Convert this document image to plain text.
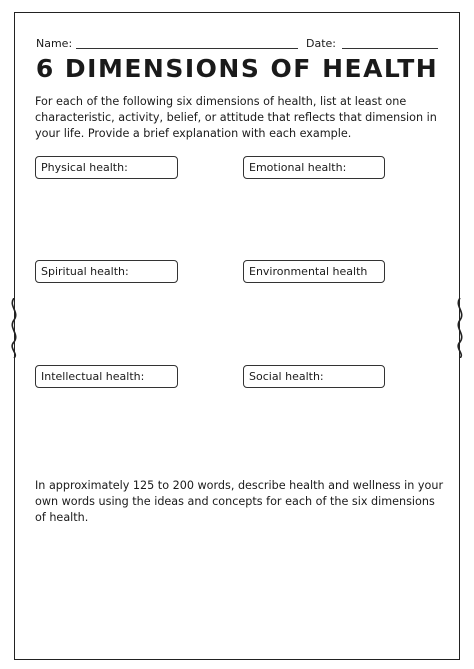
Name:	Date:
6 DIMENSIONS OF HEALTH
For each of the following six dimensions of health, list at least one characteristic, activity, belief, or attitude that reflects that dimension in your life. Provide a brief explanation with each example.
Physical health:	Emotional health:
Spiritual health:	Environmental health
Intellectual health:	Social health:
In approximately 125 to 200 words, describe health and wellness in your own words using the ideas and concepts for each of the six dimensions of health.
